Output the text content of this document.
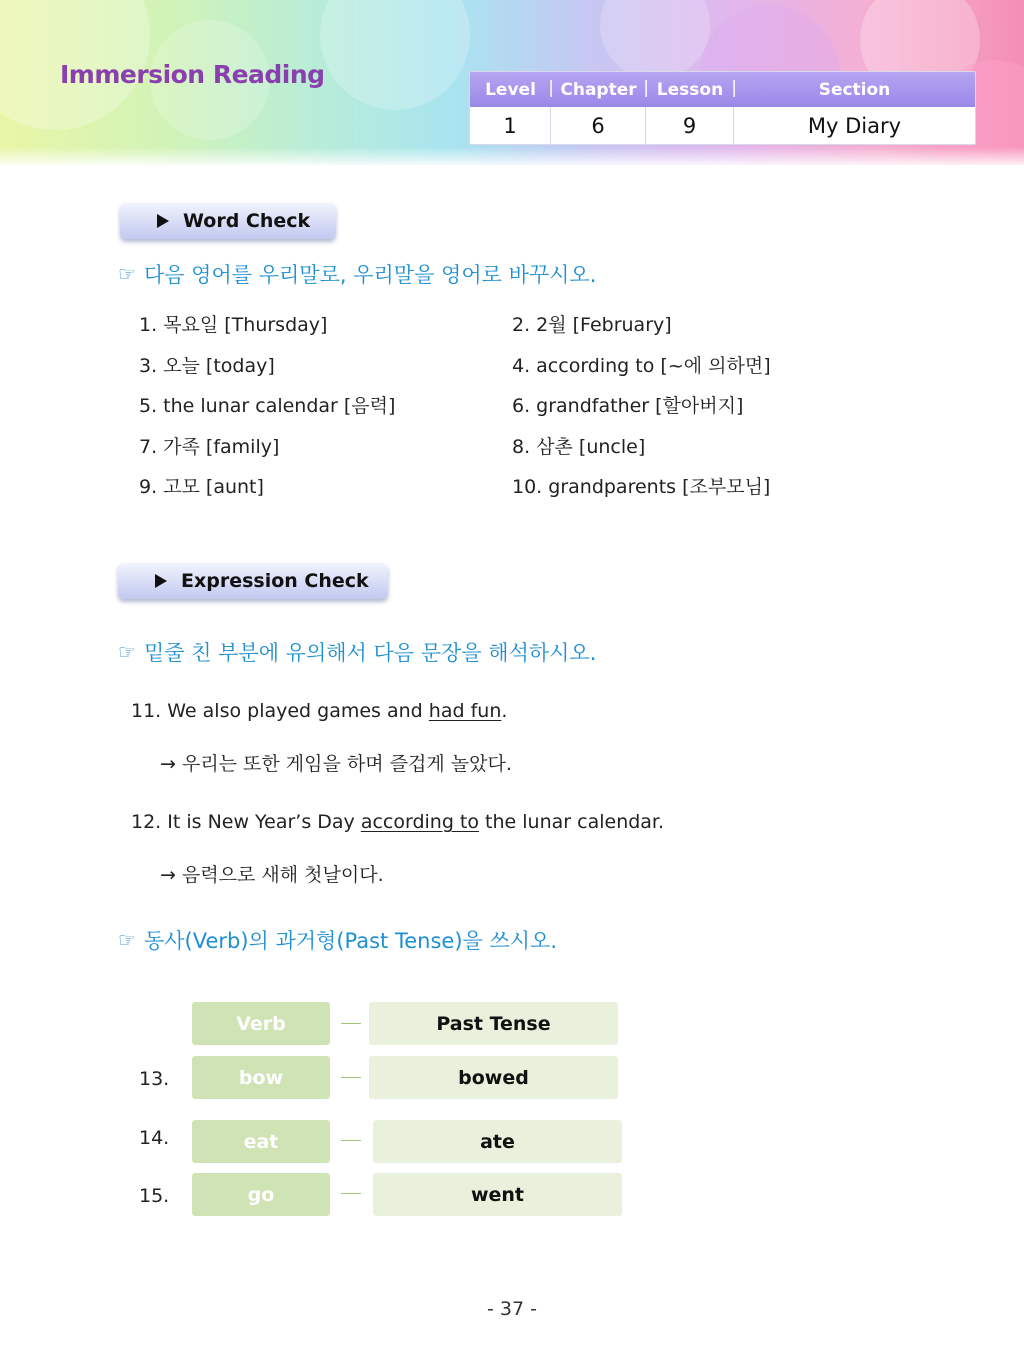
Immersion Reading
Level |	Chapter |	Lesson |	Section
1	6	9	My Diary
Word Check
☞ 다음 영어를 우리말로, 우리말을 영어로 바꾸시오.
1. 목요일 [Thursday]	2. 2월 [February]
3. 오늘 [today]	4. according to [~에 의하면]
5. the lunar calendar [음력]	6. grandfather [할아버지]
7. 가족 [family]	8. 삼촌 [uncle]
9. 고모 [aunt]	10. grandparents [조부모님]
Expression Check
☞ 밑줄 친 부분에 유의해서 다음 문장을 해석하시오.
11. We also played games and had fun.
→ 우리는 또한 게임을 하며 즐겁게 놀았다.
12. It is New Year’s Day according to the lunar calendar.
→ 음력으로 새해 첫날이다.
☞ 동사(Verb)의 과거형(Past Tense)을 쓰시오.
Verb	Past Tense
13.	bow	bowed
14.	eat	ate
15.	go	went
- 37 -
